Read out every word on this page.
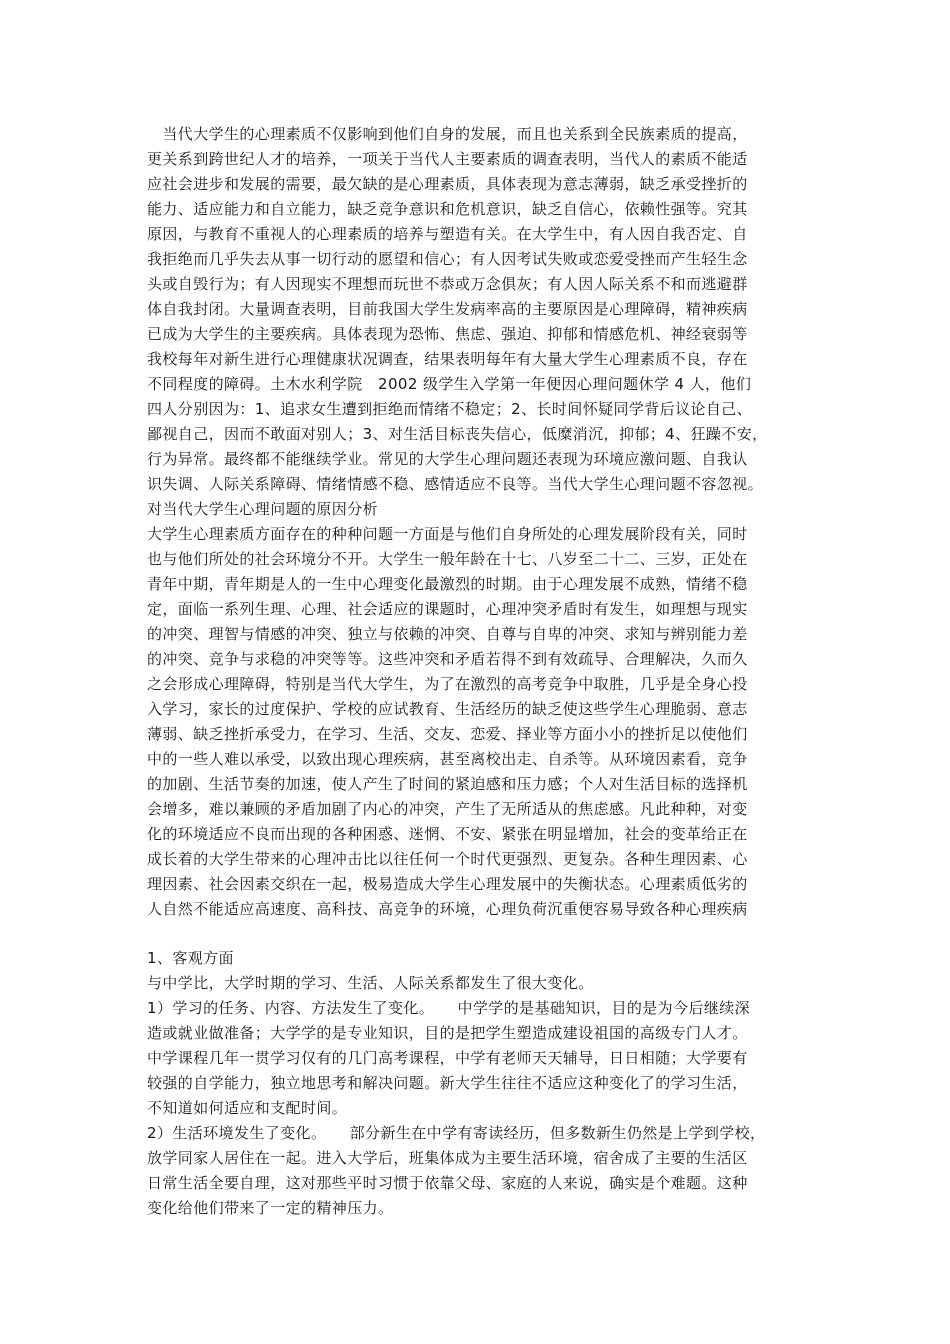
　当代大学生的心理素质不仅影响到他们自身的发展，而且也关系到全民族素质的提高，
更关系到跨世纪人才的培养，一项关于当代人主要素质的调查表明，当代人的素质不能适
应社会进步和发展的需要，最欠缺的是心理素质，具体表现为意志薄弱，缺乏承受挫折的
能力、适应能力和自立能力，缺乏竞争意识和危机意识，缺乏自信心，依赖性强等。究其
原因，与教育不重视人的心理素质的培养与塑造有关。在大学生中，有人因自我否定、自
我拒绝而几乎失去从事一切行动的愿望和信心；有人因考试失败或恋爱受挫而产生轻生念
头或自毁行为；有人因现实不理想而玩世不恭或万念俱灰；有人因人际关系不和而逃避群
体自我封闭。大量调查表明，目前我国大学生发病率高的主要原因是心理障碍，精神疾病
已成为大学生的主要疾病。具体表现为恐怖、焦虑、强迫、抑郁和情感危机、神经衰弱等
我校每年对新生进行心理健康状况调查，结果表明每年有大量大学生心理素质不良，存在
不同程度的障碍。土木水利学院　2002 级学生入学第一年便因心理问题休学 4 人，他们
四人分别因为：1、追求女生遭到拒绝而情绪不稳定；2、长时间怀疑同学背后议论自己、
鄙视自己，因而不敢面对别人；3、对生活目标丧失信心，低糜消沉，抑郁；4、狂躁不安，
行为异常。最终都不能继续学业。常见的大学生心理问题还表现为环境应激问题、自我认
识失调、人际关系障碍、情绪情感不稳、感情适应不良等。当代大学生心理问题不容忽视。
对当代大学生心理问题的原因分析
大学生心理素质方面存在的种种问题一方面是与他们自身所处的心理发展阶段有关，同时
也与他们所处的社会环境分不开。大学生一般年龄在十七、八岁至二十二、三岁，正处在
青年中期，青年期是人的一生中心理变化最激烈的时期。由于心理发展不成熟，情绪不稳
定，面临一系列生理、心理、社会适应的课题时，心理冲突矛盾时有发生，如理想与现实
的冲突、理智与情感的冲突、独立与依赖的冲突、自尊与自卑的冲突、求知与辨别能力差
的冲突、竞争与求稳的冲突等等。这些冲突和矛盾若得不到有效疏导、合理解决，久而久
之会形成心理障碍，特别是当代大学生，为了在激烈的高考竞争中取胜，几乎是全身心投
入学习，家长的过度保护、学校的应试教育、生活经历的缺乏使这些学生心理脆弱、意志
薄弱、缺乏挫折承受力，在学习、生活、交友、恋爱、择业等方面小小的挫折足以使他们
中的一些人难以承受，以致出现心理疾病，甚至离校出走、自杀等。从环境因素看，竞争
的加剧、生活节奏的加速，使人产生了时间的紧迫感和压力感；个人对生活目标的选择机
会增多，难以兼顾的矛盾加剧了内心的冲突，产生了无所适从的焦虑感。凡此种种，对变
化的环境适应不良而出现的各种困惑、迷惘、不安、紧张在明显增加，社会的变革给正在
成长着的大学生带来的心理冲击比以往任何一个时代更强烈、更复杂。各种生理因素、心
理因素、社会因素交织在一起，极易造成大学生心理发展中的失衡状态。心理素质低劣的
人自然不能适应高速度、高科技、高竞争的环境，心理负荷沉重便容易导致各种心理疾病
1、客观方面
与中学比，大学时期的学习、生活、人际关系都发生了很大变化。
1）学习的任务、内容、方法发生了变化。　　中学学的是基础知识，目的是为今后继续深
造或就业做准备；大学学的是专业知识，目的是把学生塑造成建设祖国的高级专门人才。
中学课程几年一贯学习仅有的几门高考课程，中学有老师天天辅导，日日相随；大学要有
较强的自学能力，独立地思考和解决问题。新大学生往往不适应这种变化了的学习生活，
不知道如何适应和支配时间。
2）生活环境发生了变化。　　部分新生在中学有寄读经历，但多数新生仍然是上学到学校，
放学同家人居住在一起。进入大学后，班集体成为主要生活环境，宿舍成了主要的生活区
日常生活全要自理，这对那些平时习惯于依靠父母、家庭的人来说，确实是个难题。这种
变化给他们带来了一定的精神压力。
